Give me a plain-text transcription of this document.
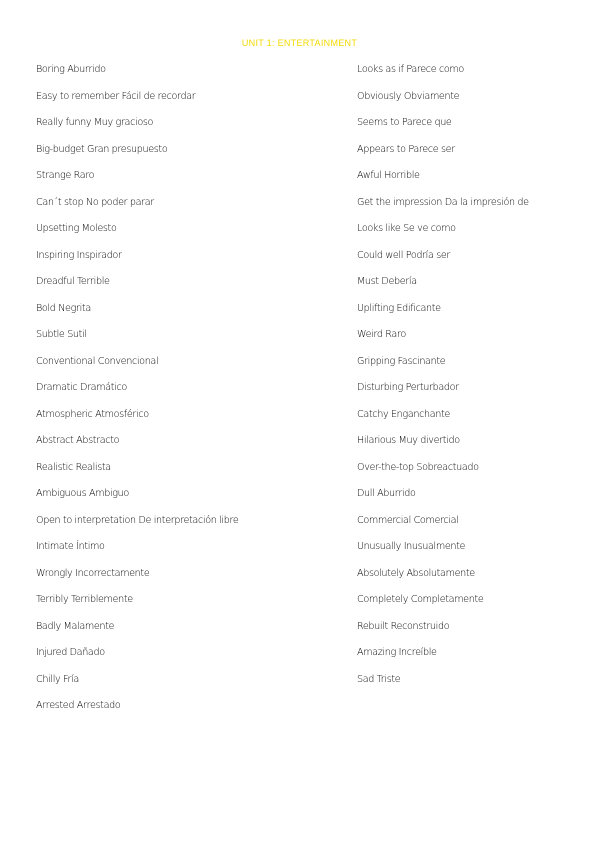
UNIT 1: ENTERTAINMENT
Boring Aburrido
Easy to remember Fácil de recordar
Really funny Muy gracioso
Big-budget Gran presupuesto
Strange Raro
Can´t stop No poder parar
Upsetting Molesto
Inspiring Inspirador
Dreadful Terrible
Bold Negrita
Subtle Sutil
Conventional Convencional
Dramatic Dramático
Atmospheric Atmosférico
Abstract Abstracto
Realistic Realista
Ambiguous Ambiguo
Open to interpretation De interpretación libre
Intimate Íntimo
Wrongly Incorrectamente
Terribly Terriblemente
Badly Malamente
Injured Dañado
Chilly Fría
Arrested Arrestado
Looks as if Parece como
Obviously Obviamente
Seems to Parece que
Appears to Parece ser
Awful Horrible
Get the impression Da la impresión de
Looks like Se ve como
Could well Podría ser
Must Debería
Uplifting Edificante
Weird Raro
Gripping Fascinante
Disturbing Perturbador
Catchy Enganchante
Hilarious Muy divertido
Over-the-top Sobreactuado
Dull Aburrido
Commercial Comercial
Unusually Inusualmente
Absolutely Absolutamente
Completely Completamente
Rebuilt Reconstruido
Amazing Increíble
Sad Triste
